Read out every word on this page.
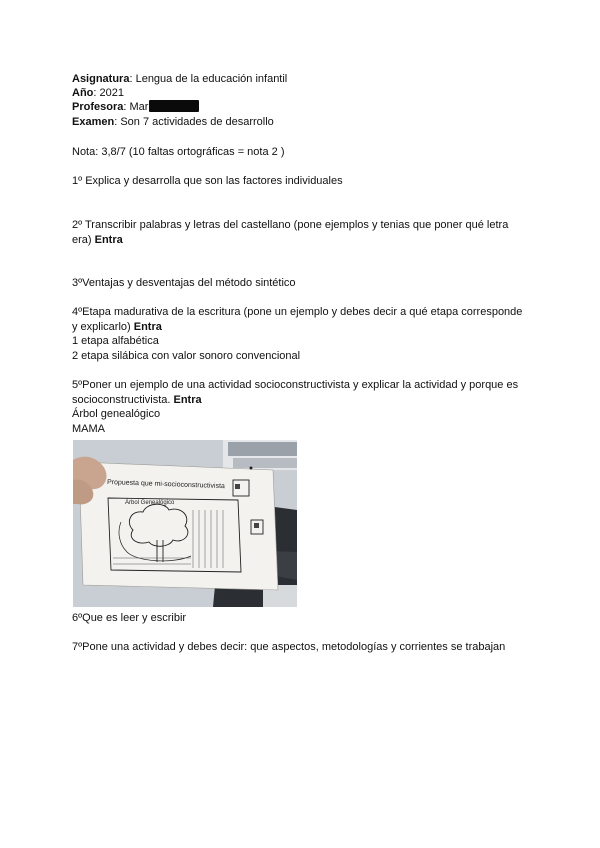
Asignatura: Lengua de la educación infantil
Año: 2021
Profesora: Mar
Examen: Son 7 actividades de desarrollo
Nota: 3,8/7 (10 faltas ortográficas = nota 2 )
1º Explica y desarrolla que son las factores individuales
2º Transcribir palabras y letras del castellano (pone ejemplos y tenias que poner qué letra
era) Entra
3ºVentajas y desventajas del método sintético
4ºEtapa madurativa de la escritura (pone un ejemplo y debes decir a qué etapa corresponde
y explicarlo) Entra
1 etapa alfabética
2 etapa silábica con valor sonoro convencional
5ºPoner un ejemplo de una actividad socioconstructivista y explicar la actividad y porque es
socioconstructivista. Entra
Árbol genealógico
MAMA
Propuesta que mi-socioconstructivista
Árbol Genealógico
6ºQue es leer y escribir
7ºPone una actividad y debes decir: que aspectos, metodologías y corrientes se trabajan
